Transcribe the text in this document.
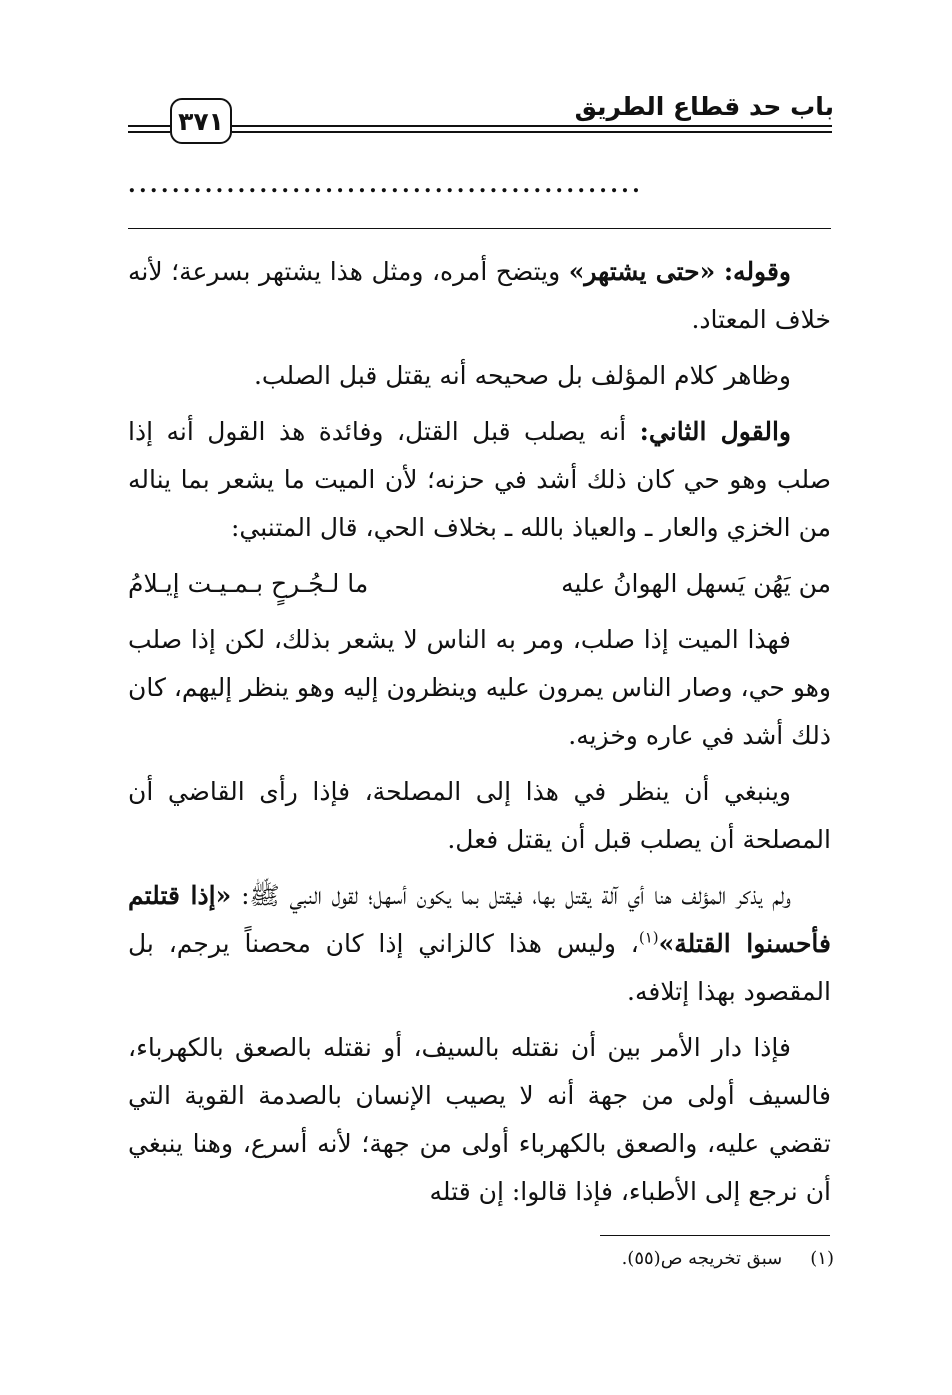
باب حد قطاع الطريق
٣٧١
...............................................

وقوله: «حتى يشتهر» ويتضح أمره، ومثل هذا يشتهر بسرعة؛ لأنه خلاف المعتاد.

وظاهر كلام المؤلف بل صحيحه أنه يقتل قبل الصلب.

والقول الثاني: أنه يصلب قبل القتل، وفائدة هذ القول أنه إذا صلب وهو حي كان ذلك أشد في حزنه؛ لأن الميت ما يشعر بما يناله من الخزي والعار ـ والعياذ بالله ـ بخلاف الحي، قال المتنبي:

من يَهُن يَسهل الهوانُ عليه
ما لـجُـرحٍ بـمـيـت إيـلامُ

فهذا الميت إذا صلب، ومر به الناس لا يشعر بذلك، لكن إذا صلب وهو حي، وصار الناس يمرون عليه وينظرون إليه وهو ينظر إليهم، كان ذلك أشد في عاره وخزيه.

وينبغي أن ينظر في هذا إلى المصلحة، فإذا رأى القاضي أن المصلحة أن يصلب قبل أن يقتل فعل.

ولم يذكر المؤلف هنا أي آلة يقتل بها، فيقتل بما يكون أسهل؛ لقول النبي ﷺ: «إذا قتلتم فأحسنوا القتلة»$^{(١)}$، وليس هذا كالزاني إذا كان محصناً يرجم، بل المقصود بهذا إتلافه.

فإذا دار الأمر بين أن نقتله بالسيف، أو نقتله بالصعق بالكهرباء، فالسيف أولى من جهة أنه لا يصيب الإنسان بالصدمة القوية التي تقضي عليه، والصعق بالكهرباء أولى من جهة؛ لأنه أسرع، وهنا ينبغي أن نرجع إلى الأطباء، فإذا قالوا: إن قتله

(١)سبق تخريجه ص(٥٥).
